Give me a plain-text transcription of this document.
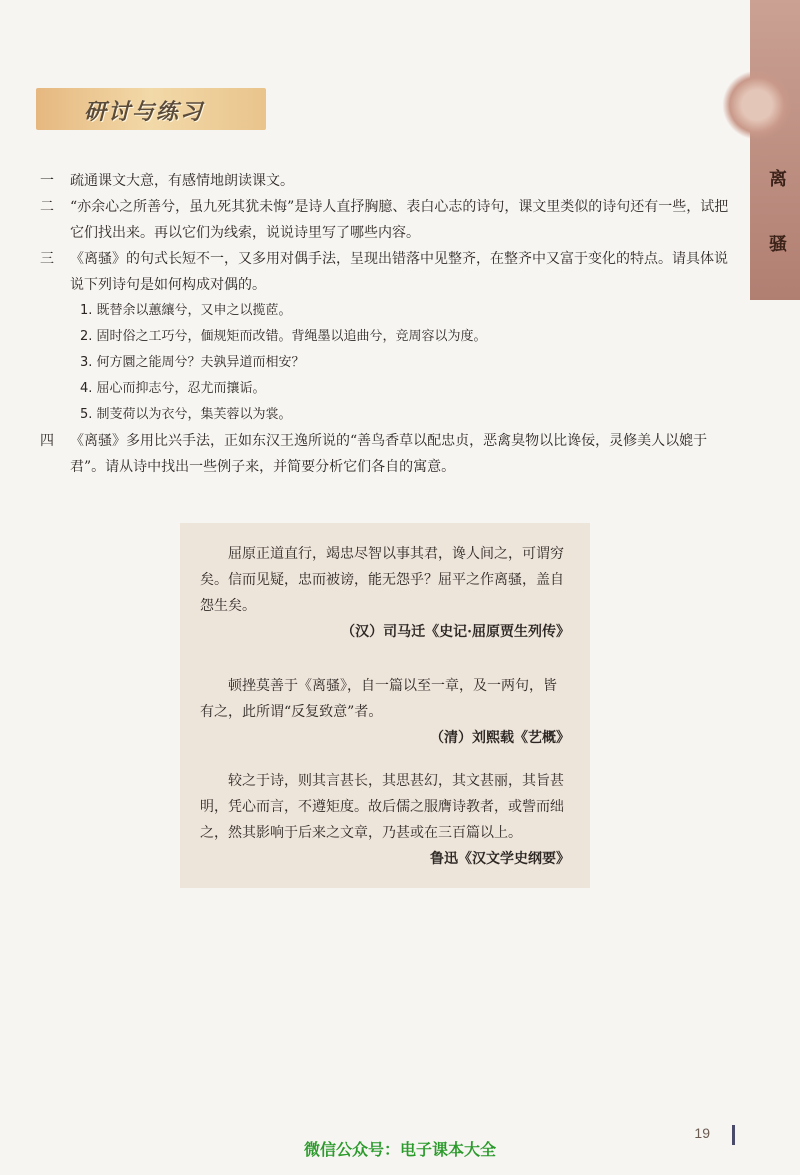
离
骚
研讨与练习
一 疏通课文大意，有感情地朗读课文。
二 “亦余心之所善兮，虽九死其犹未悔”是诗人直抒胸臆、表白心志的诗句，课文里类似的诗句还有一些，试把它们找出来。再以它们为线索，说说诗里写了哪些内容。
三 《离骚》的句式长短不一，又多用对偶手法，呈现出错落中见整齐，在整齐中又富于变化的特点。请具体说说下列诗句是如何构成对偶的。
1. 既替余以蕙纕兮，又申之以揽茝。
2. 固时俗之工巧兮，偭规矩而改错。背绳墨以追曲兮，竞周容以为度。
3. 何方圜之能周兮？夫孰异道而相安？
4. 屈心而抑志兮，忍尤而攘诟。
5. 制芰荷以为衣兮，集芙蓉以为裳。
四 《离骚》多用比兴手法，正如东汉王逸所说的“善鸟香草以配忠贞，恶禽臭物以比谗佞，灵修美人以媲于君”。请从诗中找出一些例子来，并简要分析它们各自的寓意。
屈原正道直行，竭忠尽智以事其君，谗人间之，可谓穷矣。信而见疑，忠而被谤，能无怨乎？屈平之作离骚，盖自怨生矣。
（汉）司马迁《史记·屈原贾生列传》
顿挫莫善于《离骚》，自一篇以至一章，及一两句，皆有之，此所谓“反复致意”者。
（清）刘熙载《艺概》
较之于诗，则其言甚长，其思甚幻，其文甚丽，其旨甚明，凭心而言，不遵矩度。故后儒之服膺诗教者，或訾而绌之，然其影响于后来之文章，乃甚或在三百篇以上。
鲁迅《汉文学史纲要》
19
微信公众号：电子课本大全
